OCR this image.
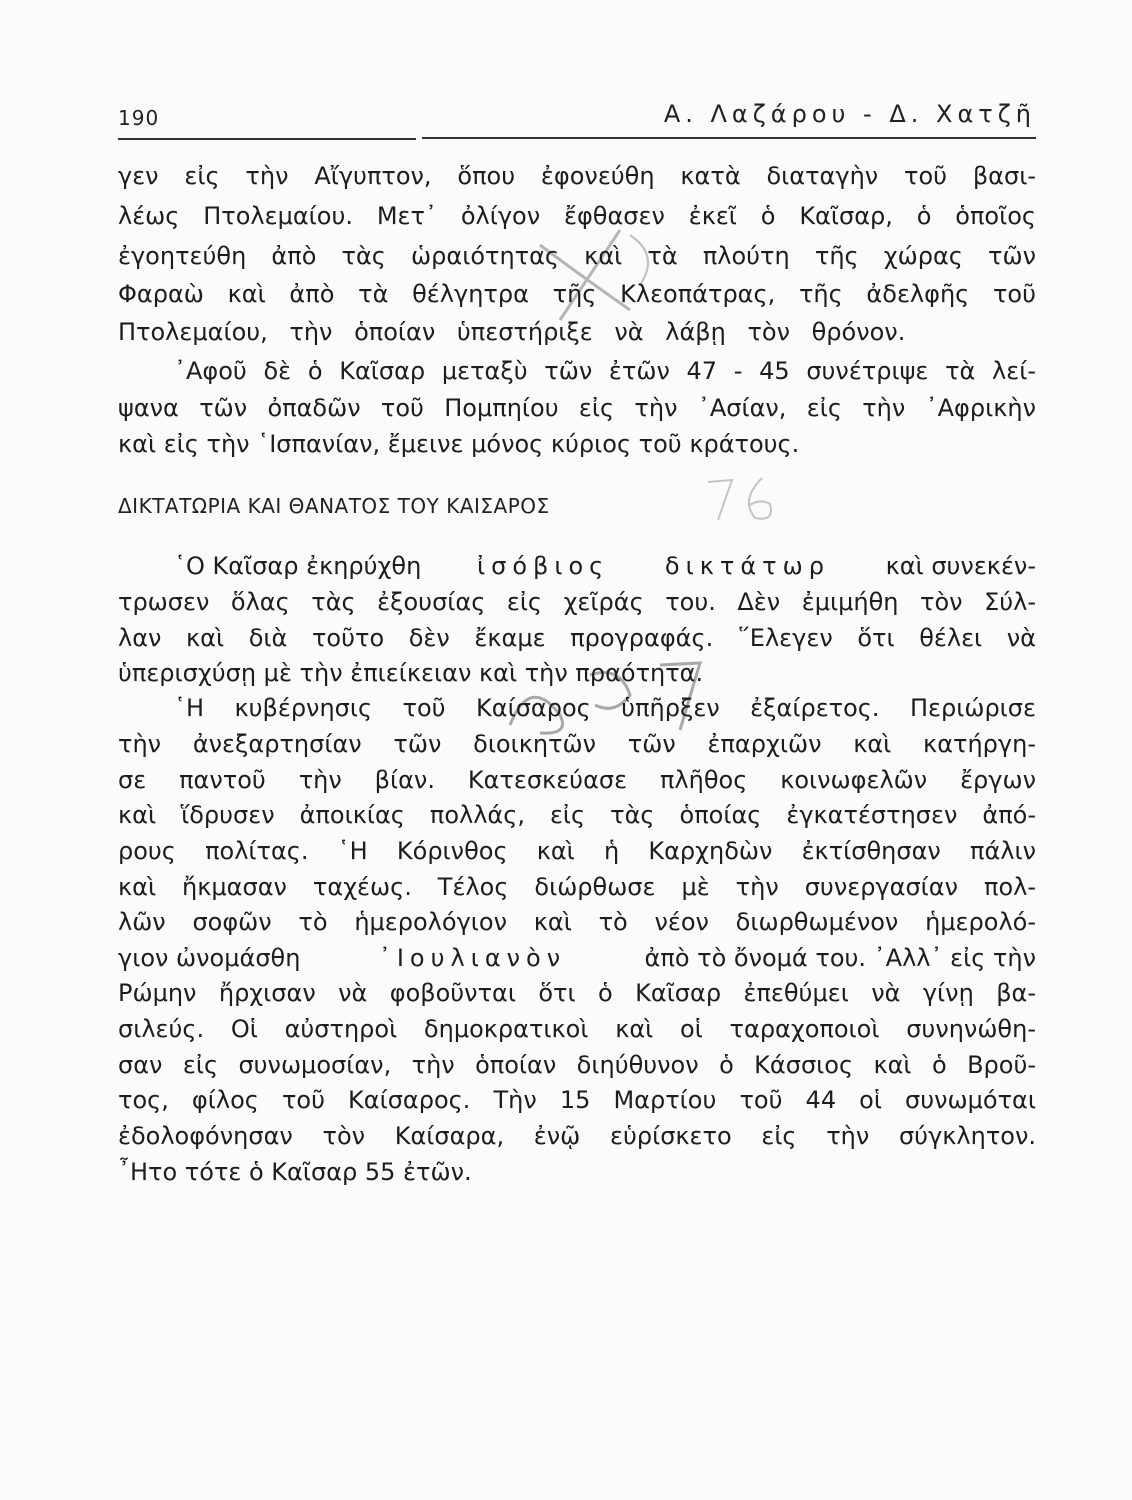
190	Α. Λαζάρου - Δ. Χατζῆ
γεν εἰς τὴν Αἴγυπτον, ὅπου ἐφονεύθη κατὰ διαταγὴν τοῦ βασι-
λέως Πτολεμαίου. Μετ᾽ ὀλίγον ἔφθασεν ἐκεῖ ὁ Καῖσαρ, ὁ ὁποῖος
ἐγοητεύθη ἀπὸ τὰς ὡραιότητας καὶ τὰ πλούτη τῆς χώρας τῶν
Φαραὼ καὶ ἀπὸ τὰ θέλγητρα τῆς Κλεοπάτρας, τῆς ἀδελφῆς τοῦ
Πτολεμαίου, τὴν ὁποίαν ὑπεστήριξε νὰ λάβῃ τὸν θρόνον.
᾽Αφοῦ δὲ ὁ Καῖσαρ μεταξὺ τῶν ἐτῶν 47 - 45 συνέτριψε τὰ λεί-
ψανα τῶν ὀπαδῶν τοῦ Πομπηίου εἰς τὴν ᾽Ασίαν, εἰς τὴν ᾽Αφρικὴν
καὶ εἰς τὴν ῾Ισπανίαν, ἔμεινε μόνος κύριος τοῦ κράτους.
ΔΙΚΤΑΤΩΡΙΑ ΚΑΙ ΘΑΝΑΤΟΣ ΤΟΥ ΚΑΙΣΑΡΟΣ
῾Ο Καῖσαρ ἐκηρύχθη ἰσόβιος δικτάτωρ καὶ συνεκέν-
τρωσεν ὅλας τὰς ἐξουσίας εἰς χεῖράς του. Δὲν ἐμιμήθη τὸν Σύλ-
λαν καὶ διὰ τοῦτο δὲν ἔκαμε προγραφάς. ῞Ελεγεν ὅτι θέλει νὰ
ὑπερισχύσῃ μὲ τὴν ἐπιείκειαν καὶ τὴν πραότητα.
῾Η κυβέρνησις τοῦ Καίσαρος ὑπῆρξεν ἐξαίρετος. Περιώρισε
τὴν ἀνεξαρτησίαν τῶν διοικητῶν τῶν ἐπαρχιῶν καὶ κατήργη-
σε παντοῦ τὴν βίαν. Κατεσκεύασε πλῆθος κοινωφελῶν ἔργων
καὶ ἵδρυσεν ἀποικίας πολλάς, εἰς τὰς ὁποίας ἐγκατέστησεν ἀπό-
ρους πολίτας. ῾Η Κόρινθος καὶ ἡ Καρχηδὼν ἐκτίσθησαν πάλιν
καὶ ἤκμασαν ταχέως. Τέλος διώρθωσε μὲ τὴν συνεργασίαν πολ-
λῶν σοφῶν τὸ ἡμερολόγιον καὶ τὸ νέον διωρθωμένον ἡμερολό-
γιον ὠνομάσθη	᾽Ιουλιανὸν	ἀπὸ τὸ ὄνομά του. ᾽Αλλ᾽ εἰς τὴν
Ρώμην ἤρχισαν νὰ φοβοῦνται ὅτι ὁ Καῖσαρ ἐπεθύμει νὰ γίνῃ βα-
σιλεύς. Οἱ αὐστηροὶ δημοκρατικοὶ καὶ οἱ ταραχοποιοὶ συνηνώθη-
σαν εἰς συνωμοσίαν, τὴν ὁποίαν διηύθυνον ὁ Κάσσιος καὶ ὁ Βροῦ-
τος, φίλος τοῦ Καίσαρος. Τὴν 15 Μαρτίου τοῦ 44 οἱ συνωμόται
ἐδολοφόνησαν τὸν Καίσαρα, ἐνῷ εὑρίσκετο εἰς τὴν σύγκλητον.
῏Ητο τότε ὁ Καῖσαρ 55 ἐτῶν.
